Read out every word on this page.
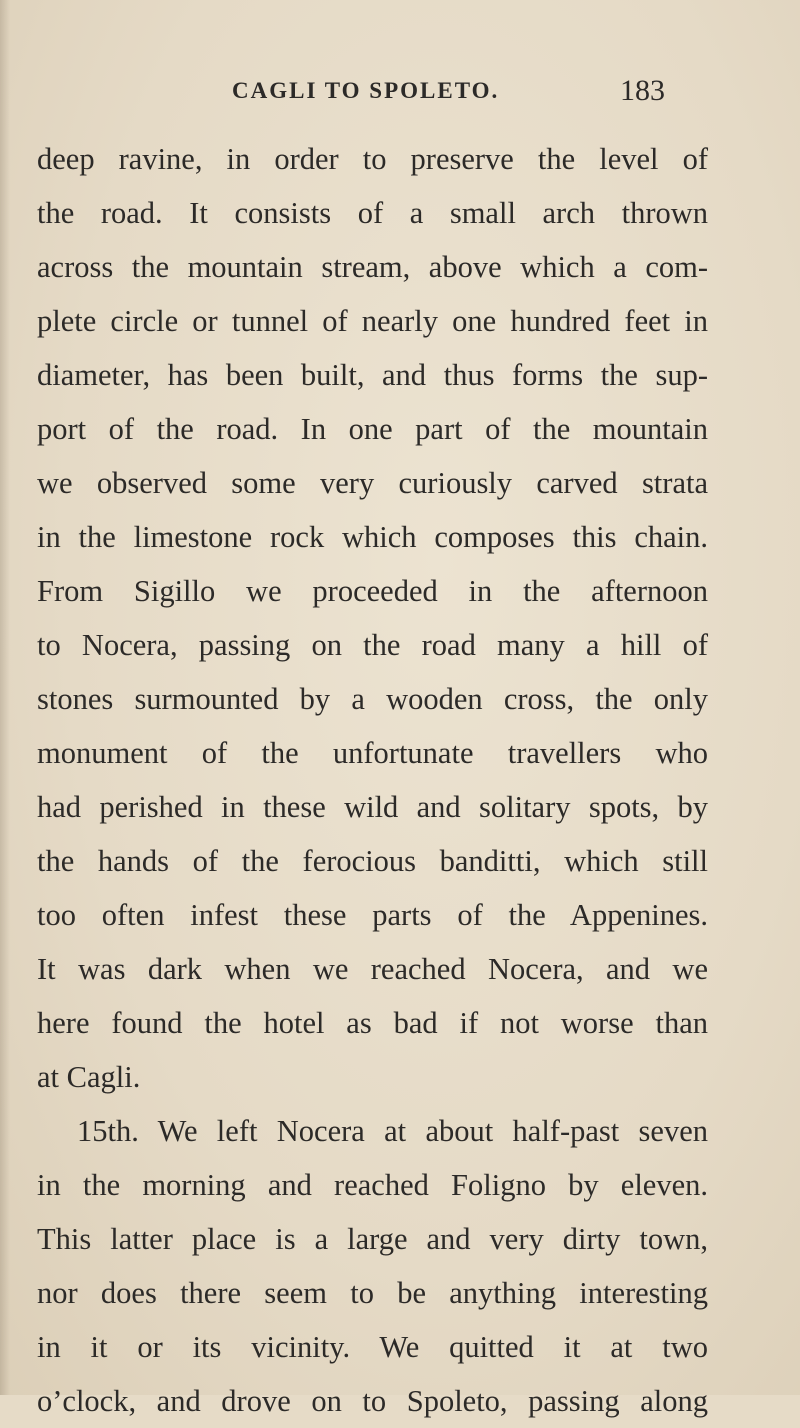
CAGLI TO SPOLETO.	183
deep ravine, in order to preserve the level of
the road. It consists of a small arch thrown
across the mountain stream, above which a com-
plete circle or tunnel of nearly one hundred feet in
diameter, has been built, and thus forms the sup-
port of the road. In one part of the mountain
we observed some very curiously carved strata
in the limestone rock which composes this chain.
From Sigillo we proceeded in the afternoon
to Nocera, passing on the road many a hill of
stones surmounted by a wooden cross, the only
monument of the unfortunate travellers who
had perished in these wild and solitary spots, by
the hands of the ferocious banditti, which still
too often infest these parts of the Appenines.
It was dark when we reached Nocera, and we
here found the hotel as bad if not worse than
at Cagli.
15th. We left Nocera at about half-past seven
in the morning and reached Foligno by eleven.
This latter place is a large and very dirty town,
nor does there seem to be anything interesting
in it or its vicinity. We quitted it at two
o’clock, and drove on to Spoleto, passing along
